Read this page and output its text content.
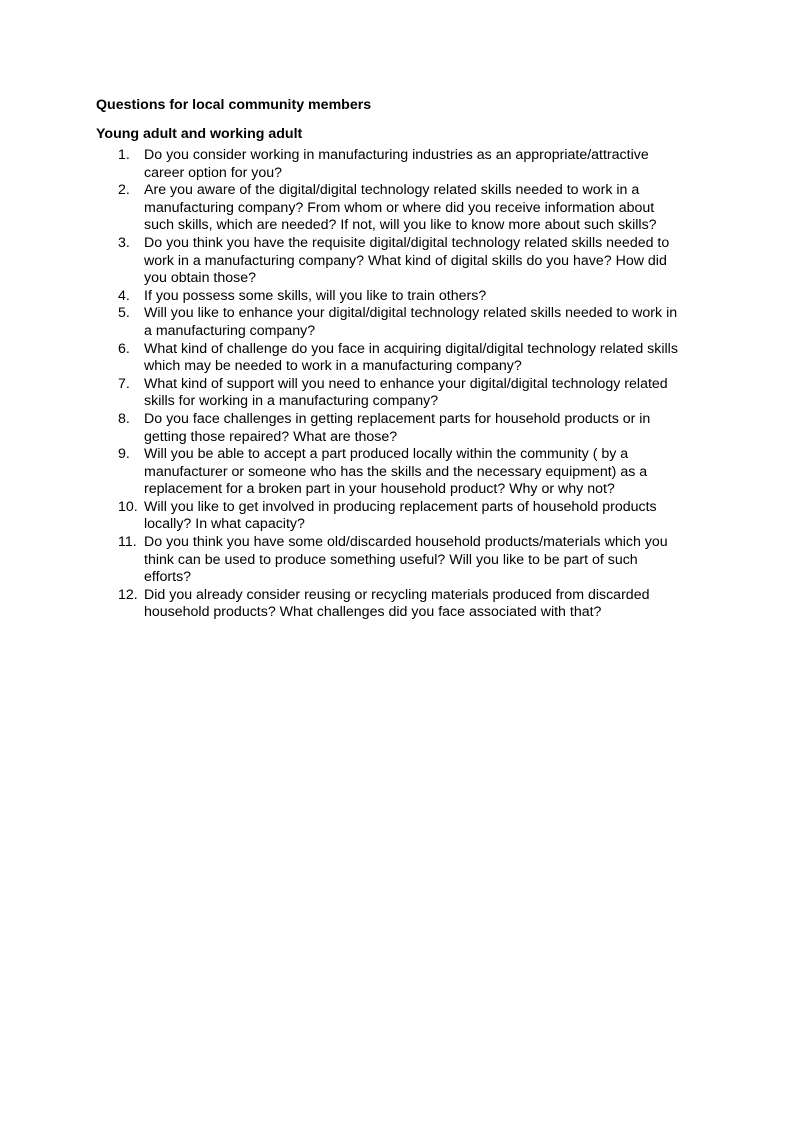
Questions for local community members

Young adult and working adult

1. Do you consider working in manufacturing industries as an appropriate/attractive
career option for you?
2. Are you aware of the digital/digital technology related skills needed to work in a
manufacturing company? From whom or where did you receive information about
such skills, which are needed? If not, will you like to know more about such skills?
3. Do you think you have the requisite digital/digital technology related skills needed to
work in a manufacturing company? What kind of digital skills do you have? How did
you obtain those?
4. If you possess some skills, will you like to train others?
5. Will you like to enhance your digital/digital technology related skills needed to work in
a manufacturing company?
6. What kind of challenge do you face in acquiring digital/digital technology related skills
which may be needed to work in a manufacturing company?
7. What kind of support will you need to enhance your digital/digital technology related
skills for working in a manufacturing company?
8. Do you face challenges in getting replacement parts for household products or in
getting those repaired? What are those?
9. Will you be able to accept a part produced locally within the community ( by a
manufacturer or someone who has the skills and the necessary equipment) as a
replacement for a broken part in your household product? Why or why not?
10. Will you like to get involved in producing replacement parts of household products
locally? In what capacity?
11. Do you think you have some old/discarded household products/materials which you
think can be used to produce something useful? Will you like to be part of such
efforts?
12. Did you already consider reusing or recycling materials produced from discarded
household products? What challenges did you face associated with that?
